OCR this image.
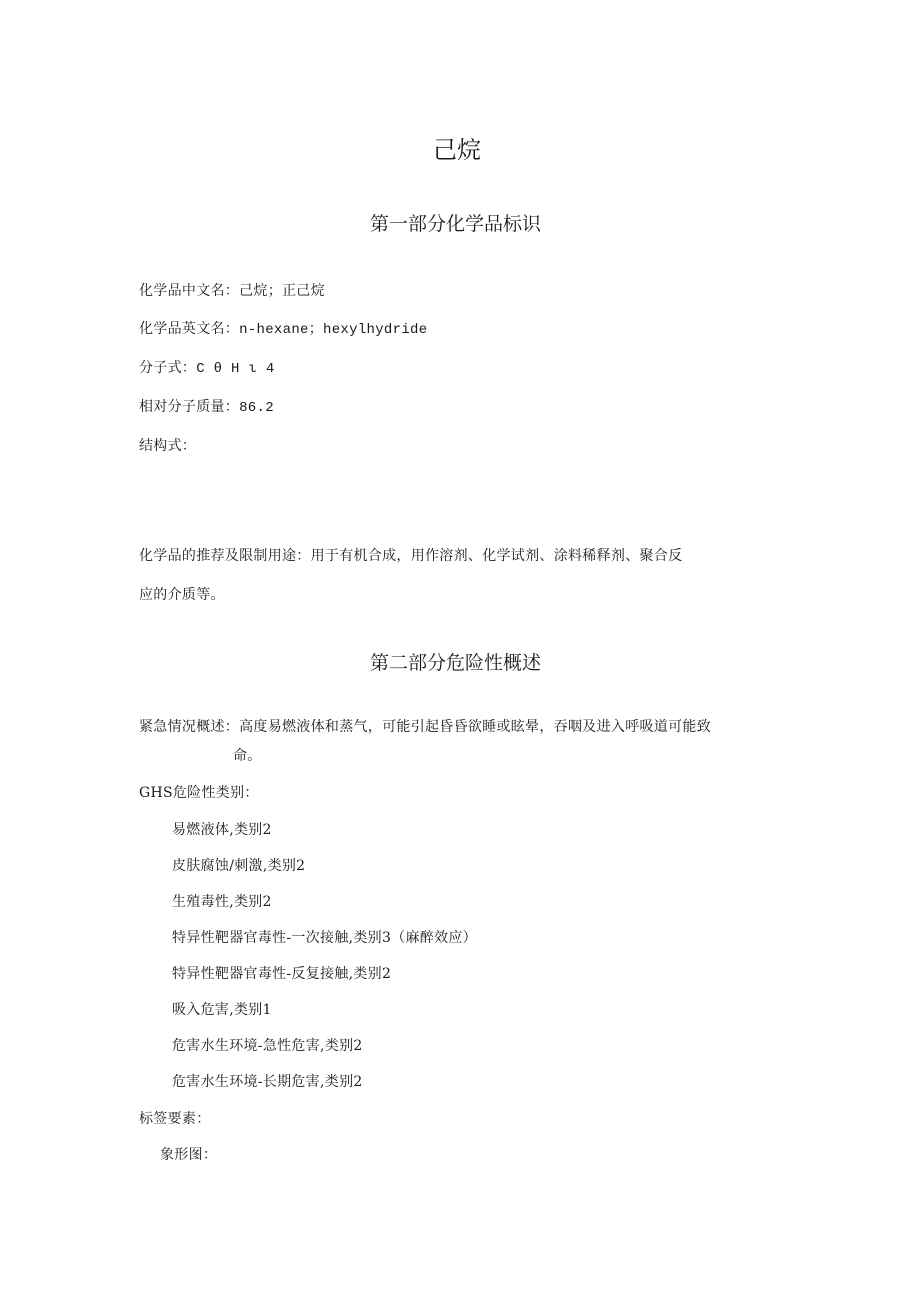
己烷
第一部分化学品标识
化学品中文名：己烷；正己烷
化学品英文名：n-hexane；hexylhydride
分子式：C θ H ι 4
相对分子质量：86.2
结构式：
化学品的推荐及限制用途：用于有机合成，用作溶剂、化学试剂、涂料稀释剂、聚合反
应的介质等。
第二部分危险性概述
紧急情况概述：高度易燃液体和蒸气，可能引起昏昏欲睡或眩晕，吞咽及进入呼吸道可能致
命。
GHS危险性类别：
易燃液体,类别2
皮肤腐蚀/刺激,类别2
生殖毒性,类别2
特异性靶器官毒性-一次接触,类别3（麻醉效应）
特异性靶器官毒性-反复接触,类别2
吸入危害,类别1
危害水生环境-急性危害,类别2
危害水生环境-长期危害,类别2
标签要素：
象形图：
